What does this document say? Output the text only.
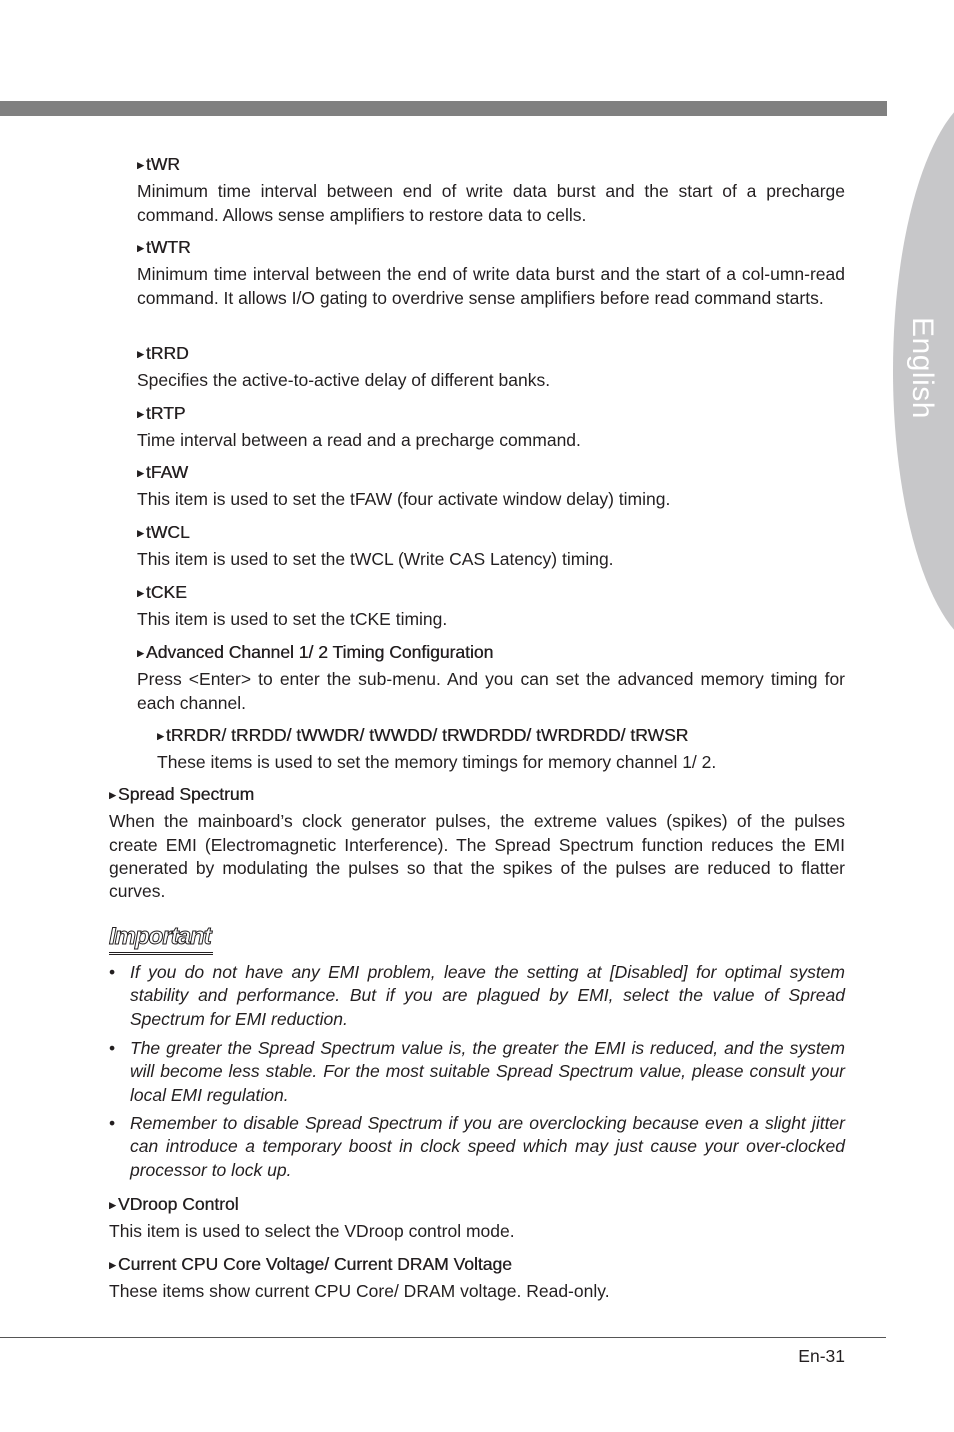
English
▶ tWR

Minimum time interval between end of write data burst and the start of a precharge command. Allows sense amplifiers to restore data to cells.

▶ tWTR

Minimum time interval between the end of write data burst and the start of a col-umn-read command. It allows I/O gating to overdrive sense amplifiers before read command starts.

▶ tRRD

Specifies the active-to-active delay of different banks.

▶ tRTP

Time interval between a read and a precharge command.

▶ tFAW

This item is used to set the tFAW (four activate window delay) timing.

▶ tWCL

This item is used to set the tWCL (Write CAS Latency) timing.

▶ tCKE

This item is used to set the tCKE timing.

▶ Advanced Channel 1/ 2 Timing Configuration

Press <Enter> to enter the sub-menu. And you can set the advanced memory timing for each channel.

▶ tRRDR/ tRRDD/ tWWDR/ tWWDD/ tRWDRDD/ tWRDRDD/ tRWSR

These items is used to set the memory timings for memory channel 1/ 2.

▶ Spread Spectrum

When the mainboard’s clock generator pulses, the extreme values (spikes) of the pulses create EMI (Electromagnetic Interference). The Spread Spectrum function reduces the EMI generated by modulating the pulses so that the spikes of the pulses are reduced to flatter curves.

Important
• If you do not have any EMI problem, leave the setting at [Disabled] for optimal system stability and performance. But if you are plagued by EMI, select the value of Spread Spectrum for EMI reduction.
• The greater the Spread Spectrum value is, the greater the EMI is reduced, and the system will become less stable. For the most suitable Spread Spectrum value, please consult your local EMI regulation.
• Remember to disable Spread Spectrum if you are overclocking because even a slight jitter can introduce a temporary boost in clock speed which may just cause your over-clocked processor to lock up.
▶ VDroop Control

This item is used to select the VDroop control mode.

▶ Current CPU Core Voltage/ Current DRAM Voltage

These items show current CPU Core/ DRAM voltage. Read-only.

En-31
